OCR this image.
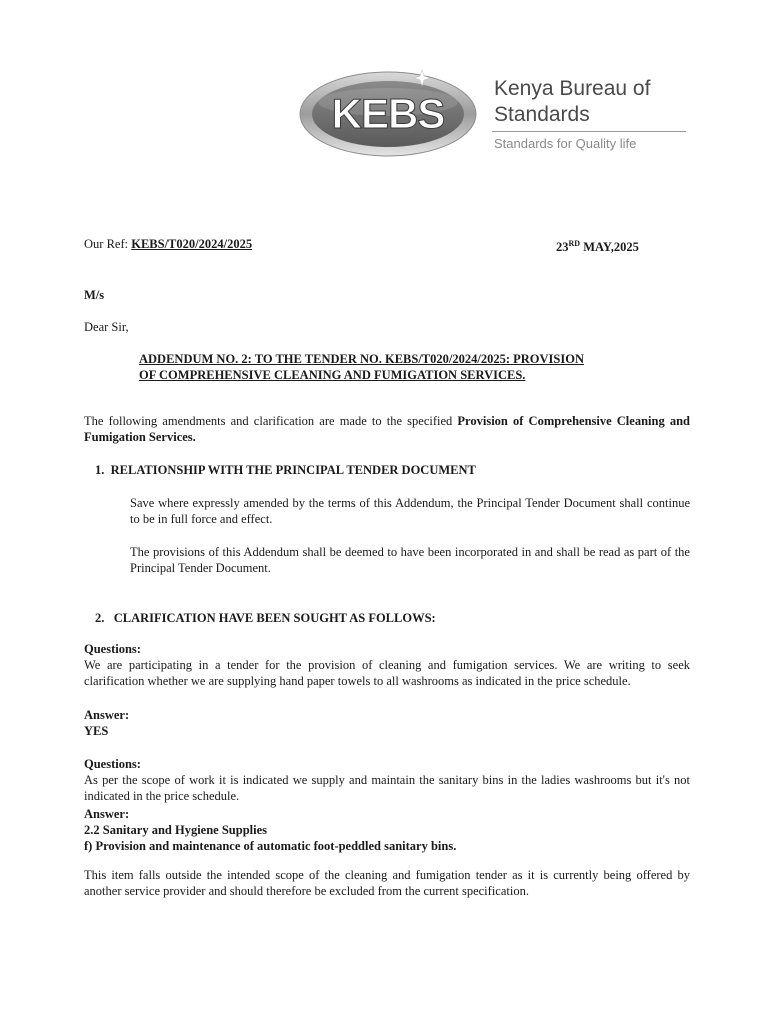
KEBS
Kenya Bureau of
Standards
Standards for Quality life
Our Ref: KEBS/T020/2024/2025	23RD MAY,2025
M/s
Dear Sir,
ADDENDUM NO. 2: TO THE TENDER NO. KEBS/T020/2024/2025: PROVISION
OF COMPREHENSIVE CLEANING AND FUMIGATION SERVICES.

The following amendments and clarification are made to the specified Provision of Comprehensive Cleaning and Fumigation Services.

1. RELATIONSHIP WITH THE PRINCIPAL TENDER DOCUMENT

Save where expressly amended by the terms of this Addendum, the Principal Tender Document shall continue to be in full force and effect.

The provisions of this Addendum shall be deemed to have been incorporated in and shall be read as part of the Principal Tender Document.

2. CLARIFICATION HAVE BEEN SOUGHT AS FOLLOWS:
Questions:

We are participating in a tender for the provision of cleaning and fumigation services. We are writing to seek clarification whether we are supplying hand paper towels to all washrooms as indicated in the price schedule.

Answer:
YES
Questions:

As per the scope of work it is indicated we supply and maintain the sanitary bins in the ladies washrooms but it's not indicated in the price schedule.

Answer:
2.2 Sanitary and Hygiene Supplies
f) Provision and maintenance of automatic foot-peddled sanitary bins.

This item falls outside the intended scope of the cleaning and fumigation tender as it is currently being offered by another service provider and should therefore be excluded from the current specification.
